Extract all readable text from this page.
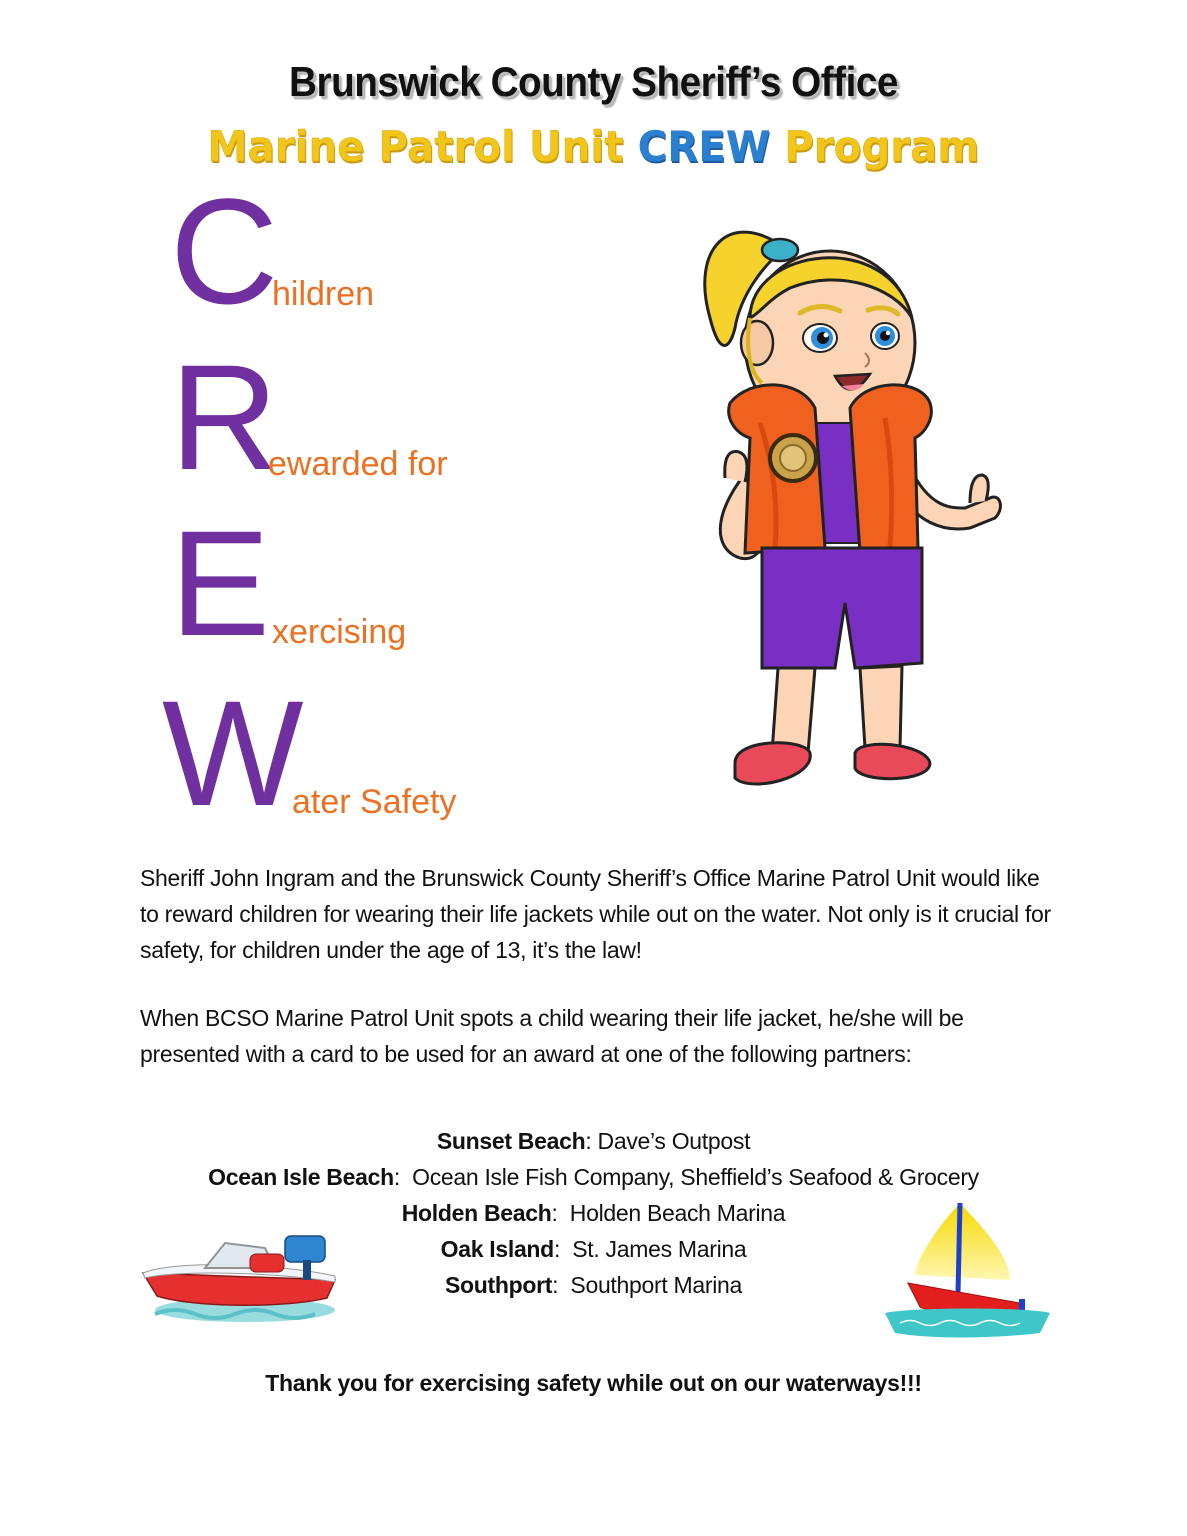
Brunswick County Sheriff’s Office
Marine Patrol Unit CREW Program
C
hildren
R
ewarded for
E xercising
W
ater Safety

Sheriff John Ingram and the Brunswick County Sheriff’s Office Marine Patrol Unit would like to reward children for wearing their life jackets while out on the water. Not only is it crucial for safety, for children under the age of 13, it’s the law!

When BCSO Marine Patrol Unit spots a child wearing their life jacket, he/she will be presented with a card to be used for an award at one of the following partners:

Sunset Beach: Dave’s Outpost
Ocean Isle Beach:  Ocean Isle Fish Company, Sheffield’s Seafood & Grocery
Holden Beach:  Holden Beach Marina
Oak Island:  St. James Marina
Southport:  Southport Marina
Thank you for exercising safety while out on our waterways!!!
